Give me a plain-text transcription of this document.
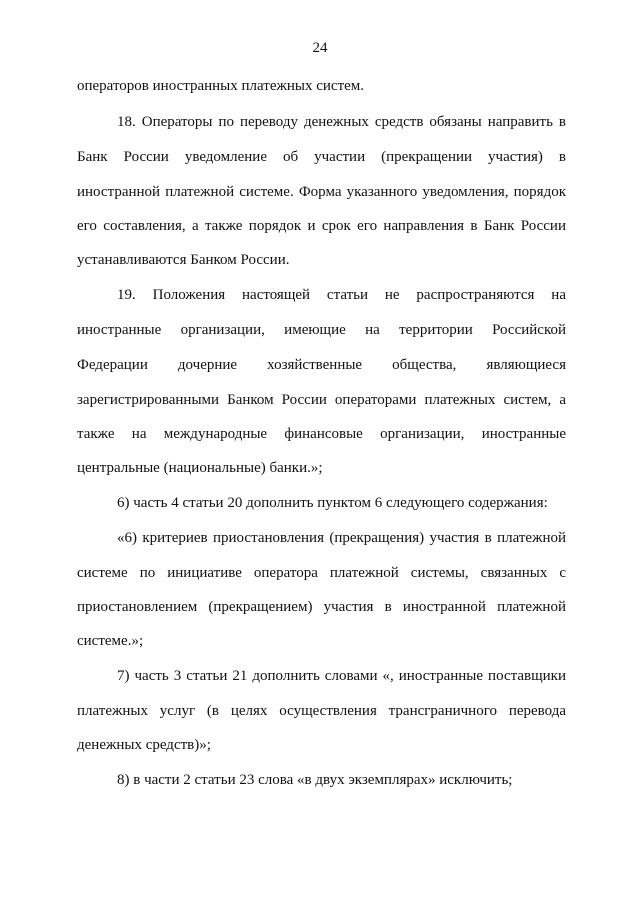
24
операторов иностранных платежных систем.
18. Операторы по переводу денежных средств обязаны направить в
Банк России уведомление об участии (прекращении участия) в
иностранной платежной системе. Форма указанного уведомления, порядок
его составления, а также порядок и срок его направления в Банк России
устанавливаются Банком России.
19. Положения настоящей статьи не распространяются на
иностранные организации, имеющие на территории Российской
Федерации дочерние хозяйственные общества, являющиеся
зарегистрированными Банком России операторами платежных систем, а
также на международные финансовые организации, иностранные
центральные (национальные) банки.»;
6) часть 4 статьи 20 дополнить пунктом 6 следующего содержания:
«6) критериев приостановления (прекращения) участия в платежной
системе по инициативе оператора платежной системы, связанных с
приостановлением (прекращением) участия в иностранной платежной
системе.»;
7) часть 3 статьи 21 дополнить словами «, иностранные поставщики
платежных услуг (в целях осуществления трансграничного перевода
денежных средств)»;
8) в части 2 статьи 23 слова «в двух экземплярах» исключить;
